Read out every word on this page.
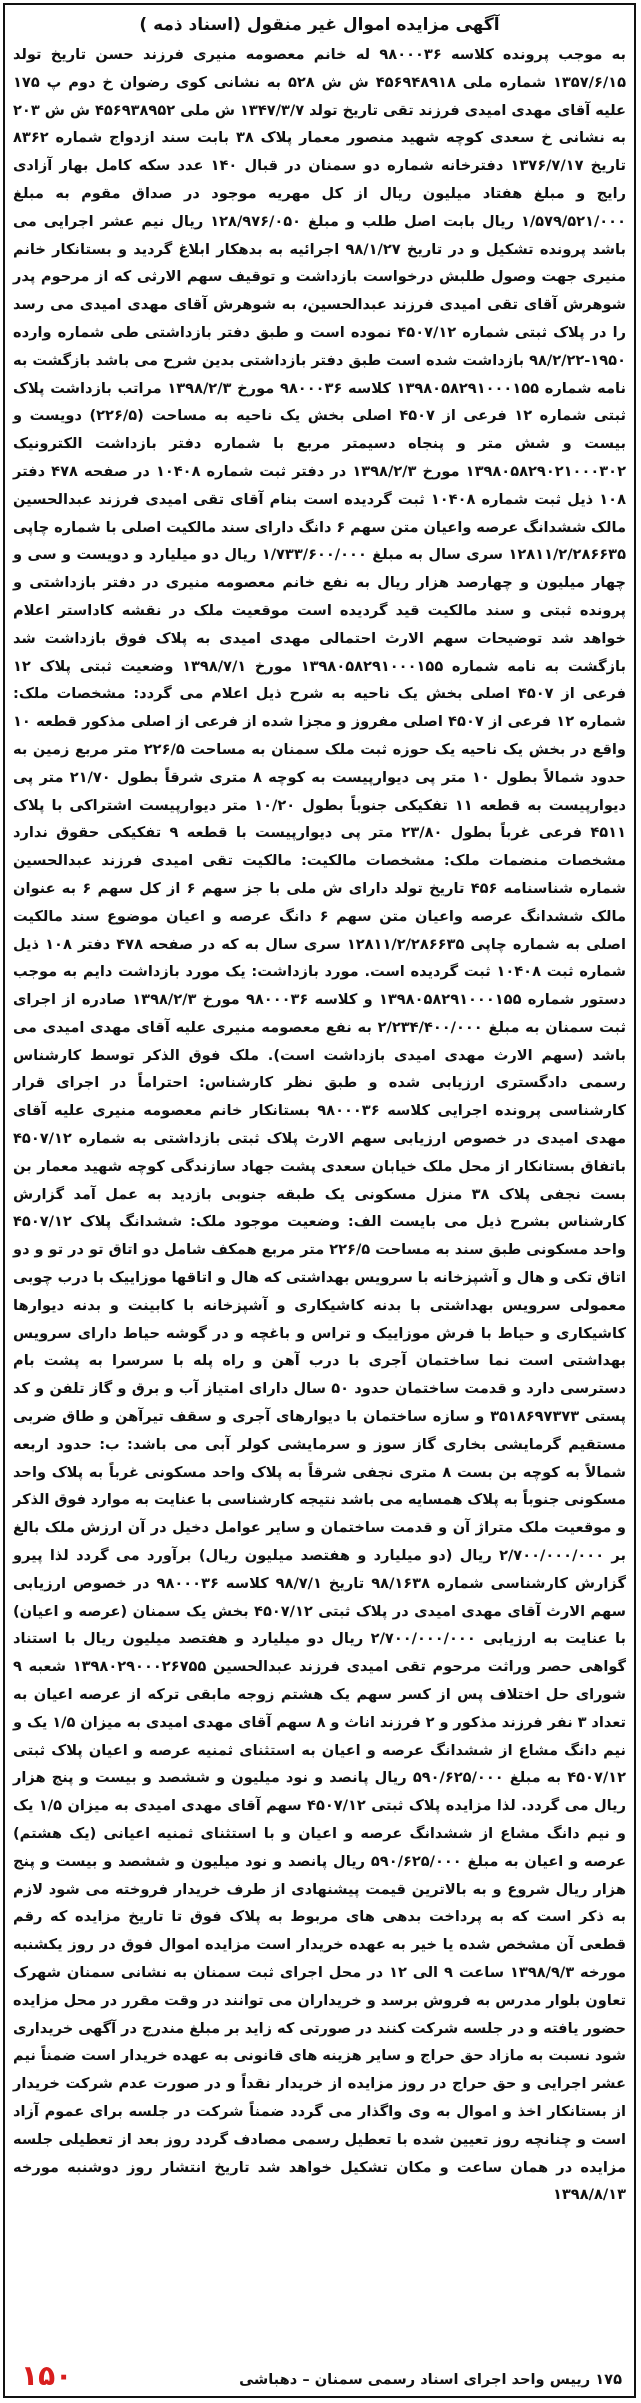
آگهی مزایده اموال غیر منقول (اسناد ذمه )
به موجب پرونده کلاسه ۹۸۰۰۰۳۶ له خانم معصومه منیری فرزند حسن تاریخ تولد ۱۳۵۷/۶/۱۵ شماره ملی ۴۵۶۹۴۸۹۱۸ ش ش ۵۲۸ به نشانی کوی رضوان خ دوم پ ۱۷۵ علیه آقای مهدی امیدی فرزند تقی تاریخ تولد ۱۳۴۷/۳/۷ ش ملی ۴۵۶۹۳۸۹۵۲ ش ش ۲۰۳ به نشانی خ سعدی کوچه شهید منصور معمار پلاک ۳۸ بابت سند ازدواج شماره ۸۳۶۲ تاریخ ۱۳۷۶/۷/۱۷ دفترخانه شماره دو سمنان در قبال ۱۴۰ عدد سکه کامل بهار آزادی رایج و مبلغ هفتاد میلیون ریال از کل مهریه موجود در صداق مقوم به مبلغ ۱/۵۷۹/۵۲۱/۰۰۰ ریال بابت اصل طلب و مبلغ ۱۲۸/۹۷۶/۰۵۰ ریال نیم عشر اجرایی می باشد پرونده تشکیل و در تاریخ ۹۸/۱/۲۷ اجرائیه به بدهکار ابلاغ گردید و بستانکار خانم منیری جهت وصول طلبش درخواست بازداشت و توقیف سهم الارثی که از مرحوم پدر شوهرش آقای تقی امیدی فرزند عبدالحسین، به شوهرش آقای مهدی امیدی می رسد را در پلاک ثبتی شماره ۴۵۰۷/۱۲ نموده است و طبق دفتر بازداشتی طی شماره وارده ۱۹۵۰-۹۸/۲/۲۲ بازداشت شده است طبق دفتر بازداشتی بدین شرح می باشد بازگشت به نامه شماره ۱۳۹۸۰۵۸۲۹۱۰۰۰۱۵۵ کلاسه ۹۸۰۰۰۳۶ مورخ ۱۳۹۸/۲/۳ مراتب بازداشت پلاک ثبتی شماره ۱۲ فرعی از ۴۵۰۷ اصلی بخش یک ناحیه به مساحت (۲۲۶/۵) دویست و بیست و شش متر و پنجاه دسیمتر مربع با شماره دفتر بازداشت الکترونیک ۱۳۹۸۰۵۸۲۹۰۲۱۰۰۰۳۰۲ مورخ ۱۳۹۸/۲/۳ در دفتر ثبت شماره ۱۰۴۰۸ در صفحه ۴۷۸ دفتر ۱۰۸ ذیل ثبت شماره ۱۰۴۰۸ ثبت گردیده است بنام آقای تقی امیدی فرزند عبدالحسین مالک ششدانگ عرصه واعیان متن سهم ۶ دانگ دارای سند مالکیت اصلی با شماره چاپی ۱۲۸۱۱/۲/۲۸۶۶۳۵ سری سال به مبلغ ۱/۷۳۳/۶۰۰/۰۰۰ ریال دو میلیارد و دویست و سی و چهار میلیون و چهارصد هزار ریال به نفع خانم معصومه منیری در دفتر بازداشتی و پرونده ثبتی و سند مالکیت قید گردیده است موقعیت ملک در نقشه کاداستر اعلام خواهد شد توضیحات سهم الارث احتمالی مهدی امیدی به پلاک فوق بازداشت شد بازگشت به نامه شماره ۱۳۹۸۰۵۸۲۹۱۰۰۰۱۵۵ مورخ ۱۳۹۸/۷/۱ وضعیت ثبتی پلاک ۱۲ فرعی از ۴۵۰۷ اصلی بخش یک ناحیه به شرح ذیل اعلام می گردد: مشخصات ملک: شماره ۱۲ فرعی از ۴۵۰۷ اصلی مفروز و مجزا شده از فرعی از اصلی مذکور قطعه ۱۰ واقع در بخش یک ناحیه یک حوزه ثبت ملک سمنان به مساحت ۲۲۶/۵ متر مربع زمین به حدود شمالاً بطول ۱۰ متر پی دیوارپیست به کوچه ۸ متری شرقاً بطول ۲۱/۷۰ متر پی دیوارپیست به قطعه ۱۱ تفکیکی جنوباً بطول ۱۰/۲۰ متر دیوارپیست اشتراکی با پلاک ۴۵۱۱ فرعی غرباً بطول ۲۳/۸۰ متر پی دیوارپیست با قطعه ۹ تفکیکی حقوق ندارد مشخصات منضمات ملک: مشخصات مالکیت: مالکیت تقی امیدی فرزند عبدالحسین شماره شناسنامه ۴۵۶ تاریخ تولد دارای ش ملی با جز سهم ۶ از کل سهم ۶ به عنوان مالک ششدانگ عرصه واعیان متن سهم ۶ دانگ عرصه و اعیان موضوع سند مالکیت اصلی به شماره چاپی ۱۲۸۱۱/۲/۲۸۶۶۳۵ سری سال به که در صفحه ۴۷۸ دفتر ۱۰۸ ذیل شماره ثبت ۱۰۴۰۸ ثبت گردیده است. مورد بازداشت: یک مورد بازداشت دایم به موجب دستور شماره ۱۳۹۸۰۵۸۲۹۱۰۰۰۱۵۵ و کلاسه ۹۸۰۰۰۳۶ مورخ ۱۳۹۸/۲/۳ صادره از اجرای ثبت سمنان به مبلغ ۲/۲۳۴/۴۰۰/۰۰۰ به نفع معصومه منیری علیه آقای مهدی امیدی می باشد (سهم الارث مهدی امیدی بازداشت است). ملک فوق الذکر توسط کارشناس رسمی دادگستری ارزیابی شده و طبق نظر کارشناس: احتراماً در اجرای قرار کارشناسی پرونده اجرایی کلاسه ۹۸۰۰۰۳۶ بستانکار خانم معصومه منیری علیه آقای مهدی امیدی در خصوص ارزیابی سهم الارث پلاک ثبتی بازداشتی به شماره ۴۵۰۷/۱۲ باتفاق بستانکار از محل ملک خیابان سعدی پشت جهاد سازندگی کوچه شهید معمار بن بست نجفی پلاک ۳۸ منزل مسکونی یک طبقه جنوبی بازدید به عمل آمد گزارش کارشناس بشرح ذیل می بایست الف: وضعیت موجود ملک: ششدانگ پلاک ۴۵۰۷/۱۲ واحد مسکونی طبق سند به مساحت ۲۲۶/۵ متر مربع همکف شامل دو اتاق تو در تو و دو اتاق تکی و هال و آشپزخانه با سرویس بهداشتی که هال و اتاقها موزاییک با درب چوبی معمولی سرویس بهداشتی با بدنه کاشیکاری و آشپزخانه با کابینت و بدنه دیوارها کاشیکاری و حیاط با فرش موزاییک و تراس و باغچه و در گوشه حیاط دارای سرویس بهداشتی است نما ساختمان آجری با درب آهن و راه پله با سرسرا به پشت بام دسترسی دارد و قدمت ساختمان حدود ۵۰ سال دارای امتیاز آب و برق و گاز تلفن و کد پستی ۳۵۱۸۶۹۷۳۷۳ و سازه ساختمان با دیوارهای آجری و سقف تیرآهن و طاق ضربی مستقیم گرمایشی بخاری گاز سوز و سرمایشی کولر آبی می باشد: ب: حدود اربعه شمالاً به کوچه بن بست ۸ متری نجفی شرقاً به پلاک واحد مسکونی غرباً به پلاک واحد مسکونی جنوباً به پلاک همسایه می باشد نتیجه کارشناسی با عنایت به موارد فوق الذکر و موقعیت ملک متراژ آن و قدمت ساختمان و سایر عوامل دخیل در آن ارزش ملک بالغ بر ۲/۷۰۰/۰۰۰/۰۰۰ ریال (دو میلیارد و هفتصد میلیون ریال) برآورد می گردد لذا پیرو گزارش کارشناسی شماره ۹۸/۱۶۳۸ تاریخ ۹۸/۷/۱ کلاسه ۹۸۰۰۰۳۶ در خصوص ارزیابی سهم الارث آقای مهدی امیدی در پلاک ثبتی ۴۵۰۷/۱۲ بخش یک سمنان (عرصه و اعیان) با عنایت به ارزیابی ۲/۷۰۰/۰۰۰/۰۰۰ ریال دو میلیارد و هفتصد میلیون ریال با استناد گواهی حصر وراثت مرحوم تقی امیدی فرزند عبدالحسین ۱۳۹۸۰۲۹۰۰۰۲۶۷۵۵ شعبه ۹ شورای حل اختلاف پس از کسر سهم یک هشتم زوجه مابقی ترکه از عرصه اعیان به تعداد ۳ نفر فرزند مذکور و ۲ فرزند اناث و ۸ سهم آقای مهدی امیدی به میزان ۱/۵ یک و نیم دانگ مشاع از ششدانگ عرصه و اعیان به استثنای ثمنیه عرصه و اعیان پلاک ثبتی ۴۵۰۷/۱۲ به مبلغ ۵۹۰/۶۲۵/۰۰۰ ریال پانصد و نود میلیون و ششصد و بیست و پنج هزار ریال می گردد. لذا مزایده پلاک ثبتی ۴۵۰۷/۱۲ سهم آقای مهدی امیدی به میزان ۱/۵ یک و نیم دانگ مشاع از ششدانگ عرصه و اعیان و با استثنای ثمنیه اعیانی (یک هشتم) عرصه و اعیان به مبلغ ۵۹۰/۶۲۵/۰۰۰ ریال پانصد و نود میلیون و ششصد و بیست و پنج هزار ریال شروع و به بالاترین قیمت پیشنهادی از طرف خریدار فروخته می شود لازم به ذکر است که به پرداخت بدهی های مربوط به پلاک فوق تا تاریخ مزایده که رقم قطعی آن مشخص شده یا خیر به عهده خریدار است مزایده اموال فوق در روز یکشنبه مورخه ۱۳۹۸/۹/۳ ساعت ۹ الی ۱۲ در محل اجرای ثبت سمنان به نشانی سمنان شهرک تعاون بلوار مدرس به فروش برسد و خریداران می توانند در وقت مقرر در محل مزایده حضور یافته و در جلسه شرکت کنند در صورتی که زاید بر مبلغ مندرج در آگهی خریداری شود نسبت به مازاد حق حراج و سایر هزینه های قانونی به عهده خریدار است ضمناً نیم عشر اجرایی و حق حراج در روز مزایده از خریدار نقداً و در صورت عدم شرکت خریدار از بستانکار اخذ و اموال به وی واگذار می گردد ضمناً شرکت در جلسه برای عموم آزاد است و چنانچه روز تعیین شده با تعطیل رسمی مصادف گردد روز بعد از تعطیلی جلسه مزایده در همان ساعت و مکان تشکیل خواهد شد تاریخ انتشار روز دوشنبه مورخه ۱۳۹۸/۸/۱۳
۱۷۵ رییس واحد اجرای اسناد رسمی سمنان – دهباشی
۱۵۰
